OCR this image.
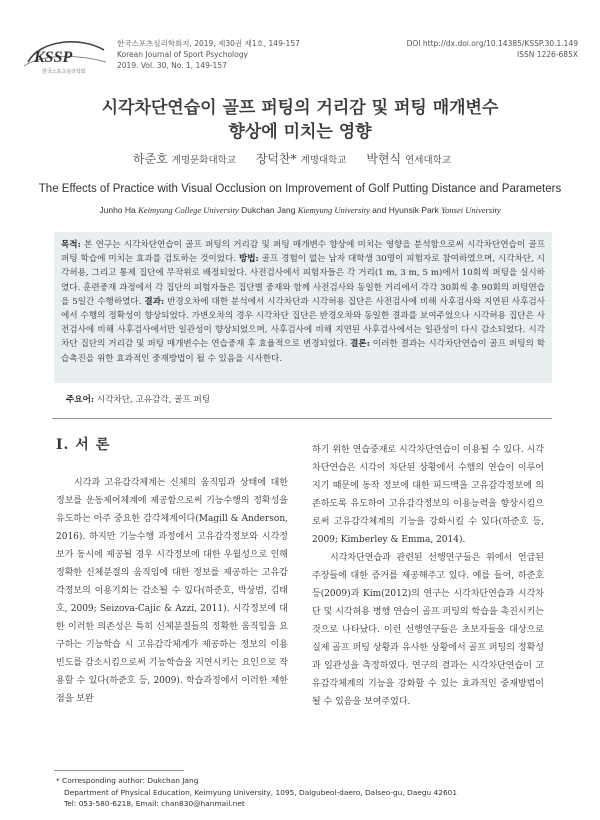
KSSP
한국스포츠심리학회
한국스포츠심리학회지, 2019, 제30권 제1호, 149-157
Korean Journal of Sport Psychology
2019. Vol. 30, No. 1, 149-157
DOI http://dx.doi.org/10.14385/KSSP.30.1.149
ISSN 1226-685X
시각차단연습이 골프 퍼팅의 거리감 및 퍼팅 매개변수
향상에 미치는 영향
하준호 계명문화대학교 장덕찬* 계명대학교 박현식 연세대학교
The Effects of Practice with Visual Occlusion on Improvement of Golf Putting Distance and Parameters
Junho Ha Keimyung College University Dukchan Jang Kiemyung University and Hyunsik Park Yonsei University
목적: 본 연구는 시각차단연습이 골프 퍼팅의 거리감 및 퍼팅 매개변수 향상에 미치는 영향을 분석함으로써 시각차단연습이 골프 퍼팅 학습에 미치는 효과를 검토하는 것이었다. 방법: 골프 경험이 없는 남자 대학생 30명이 피험자로 참여하였으며, 시각차단, 시각허용, 그리고 통제 집단에 무작위로 배정되었다. 사전검사에서 피험자들은 각 거리(1 m, 3 m, 5 m)에서 10회씩 퍼팅을 실시하였다. 훈련중재 과정에서 각 집단의 피험자들은 집단별 중재와 함께 사전검사와 동일한 거리에서 각각 30회씩 총 90회의 퍼팅연습을 5일간 수행하였다. 결과: 반경오차에 대한 분석에서 시각차단과 시각허용 집단은 사전검사에 비해 사후검사와 지연된 사후검사에서 수행의 정확성이 향상되었다. 가변오차의 경우 시각차단 집단은 반경오차와 동일한 결과를 보여주었으나 시각허용 집단은 사전검사에 비해 사후검사에서만 일관성이 향상되었으며, 사후검사에 비해 지연된 사후검사에서는 일관성이 다시 감소되었다. 시각차단 집단의 거리감 및 퍼팅 매개변수는 연습중재 후 효율적으로 변경되었다. 결론: 이러한 결과는 시각차단연습이 골프 퍼팅의 학습촉진을 위한 효과적인 중재방법이 될 수 있음을 시사한다.
주요어: 시각차단, 고유감각, 골프 퍼팅
I. 서 론

시각과 고유감각체계는 신체의 움직임과 상태에 대한 정보를 운동제어체계에 제공함으로써 기능수행의 정확성을 유도하는 아주 중요한 감각체계이다(Magill & Anderson, 2016). 하지만 기능수행 과정에서 고유감각정보와 시각정보가 동시에 제공될 경우 시각정보에 대한 우월성으로 인해 정확한 신체분절의 움직임에 대한 정보를 제공하는 고유감각정보의 이용기회는 감소될 수 있다(하준호, 박상범, 김태호, 2009; Seizova-Cajic & Azzi, 2011). 시각정보에 대한 이러한 의존성은 특히 신체분절들의 정확한 움직임을 요구하는 기능학습 시 고유감각체계가 제공하는 정보의 이용 빈도를 감소시킴으로써 기능학습을 지연시키는 요인으로 작용할 수 있다(하준호 등, 2009). 학습과정에서 이러한 제한점을 보완

하기 위한 연습중재로 시각차단연습이 이용될 수 있다. 시각차단연습은 시각이 차단된 상황에서 수행의 연습이 이루어지기 때문에 동작 정보에 대한 피드백을 고유감각정보에 의존하도록 유도하여 고유감각정보의 이용능력을 향상시킴으로써 고유감각체계의 기능을 강화시킬 수 있다(하준호 등, 2009; Kimberley & Emma, 2014).

시각차단연습과 관련된 선행연구들은 위에서 언급된 주장들에 대한 증거를 제공해주고 있다. 예를 들어, 하준호 등(2009)과 Kim(2012)의 연구는 시각차단연습과 시각차단 및 시각허용 병행 연습이 골프 퍼팅의 학습을 촉진시키는 것으로 나타났다. 이런 선행연구들은 초보자들을 대상으로 실제 골프 퍼팅 상황과 유사한 상황에서 골프 퍼팅의 정확성과 일관성을 측정하였다. 연구의 결과는 시각차단연습이 고유감각체계의 기능을 강화할 수 있는 효과적인 중재방법이 될 수 있음을 보여주었다.

* Corresponding author: Dukchan Jang
Department of Physical Education, Keimyung University, 1095, Dalgubeol-daero, Dalseo-gu, Daegu 42601
Tel: 053-580-6218, Email: chan830@hanmail.net
